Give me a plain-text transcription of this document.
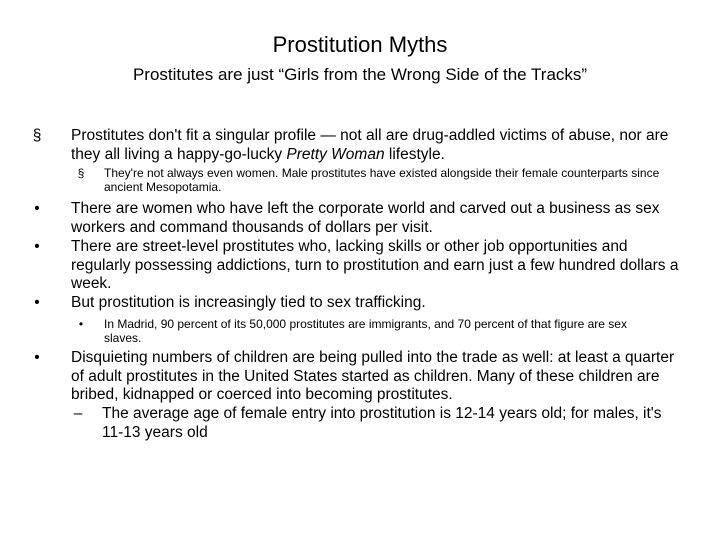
Prostitution Myths
Prostitutes are just “Girls from the Wrong Side of the Tracks”
§ Prostitutes don't fit a singular profile — not all are drug-addled victims of abuse, nor are they all living a happy-go-lucky Pretty Woman lifestyle.
§ They're not always even women. Male prostitutes have existed alongside their female counterparts since ancient Mesopotamia.
• There are women who have left the corporate world and carved out a business as sex workers and command thousands of dollars per visit.
• There are street-level prostitutes who, lacking skills or other job opportunities and regularly possessing addictions, turn to prostitution and earn just a few hundred dollars a week.
• But prostitution is increasingly tied to sex trafficking.
• In Madrid, 90 percent of its 50,000 prostitutes are immigrants, and 70 percent of that figure are sex slaves.
• Disquieting numbers of children are being pulled into the trade as well: at least a quarter of adult prostitutes in the United States started as children. Many of these children are bribed, kidnapped or coerced into becoming prostitutes.
– The average age of female entry into prostitution is 12-14 years old; for males, it's 11-13 years old
